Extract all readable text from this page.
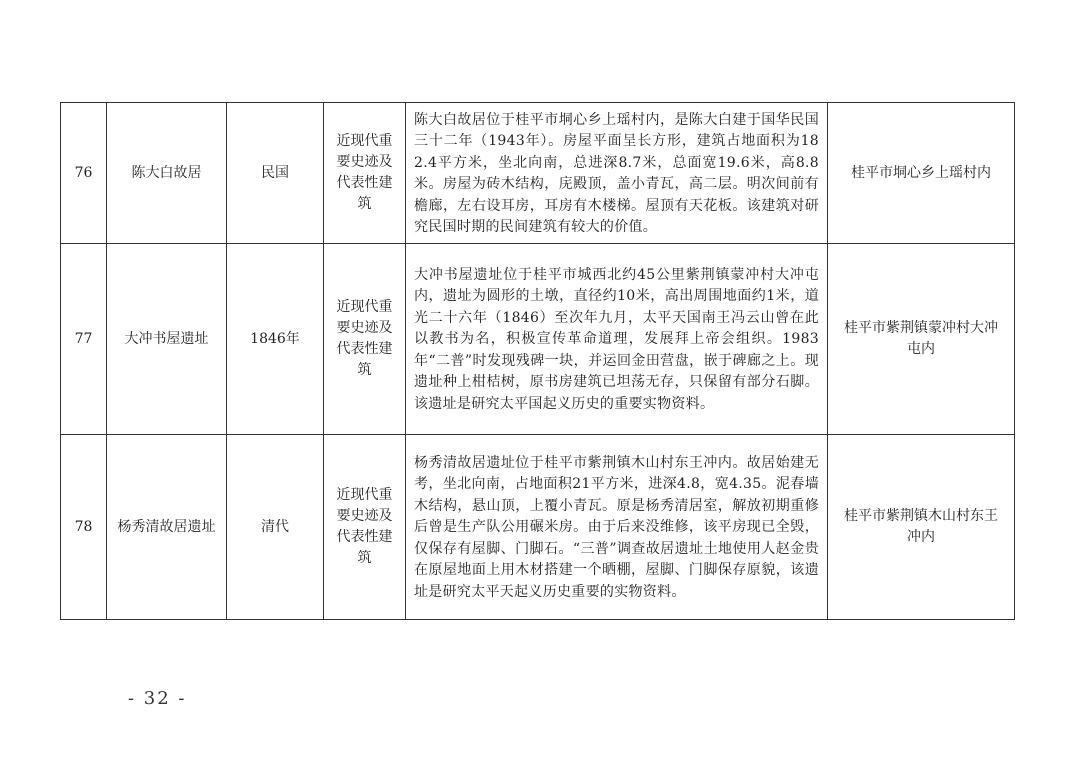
76	陈大白故居	民国	近现代重要史迹及代表性建筑	陈大白故居位于桂平市垌心乡上瑶村内，是陈大白建于国华民国三十二年（1943年）。房屋平面呈长方形，建筑占地面积为182.4平方米，坐北向南，总进深8.7米，总面宽19.6米，高8.8米。房屋为砖木结构，庑殿顶，盖小青瓦，高二层。明次间前有檐廊，左右设耳房，耳房有木楼梯。屋顶有天花板。该建筑对研究民国时期的民间建筑有较大的价值。	桂平市垌心乡上瑶村内
77	大冲书屋遗址	1846年	近现代重要史迹及代表性建筑	大冲书屋遗址位于桂平市城西北约45公里紫荆镇蒙冲村大冲屯内，遗址为圆形的土墩，直径约10米，高出周围地面约1米，道光二十六年（1846）至次年九月，太平天国南王冯云山曾在此以教书为名，积极宣传革命道理，发展拜上帝会组织。1983年“二普”时发现残碑一块，并运回金田营盘，嵌于碑廊之上。现遗址种上柑桔树，原书房建筑已坦荡无存，只保留有部分石脚。该遗址是研究太平国起义历史的重要实物资料。	桂平市紫荆镇蒙冲村大冲屯内
78	杨秀清故居遗址	清代	近现代重要史迹及代表性建筑	杨秀清故居遗址位于桂平市紫荆镇木山村东王冲内。故居始建无考，坐北向南，占地面积21平方米，进深4.8，宽4.35。泥春墙木结构，悬山顶，上覆小青瓦。原是杨秀清居室，解放初期重修后曾是生产队公用碾米房。由于后来没维修，该平房现已全毁，仅保存有屋脚、门脚石。“三普”调查故居遗址土地使用人赵金贵在原屋地面上用木材搭建一个晒棚，屋脚、门脚保存原貌，该遗址是研究太平天起义历史重要的实物资料。	桂平市紫荆镇木山村东王冲内
- 32 -
